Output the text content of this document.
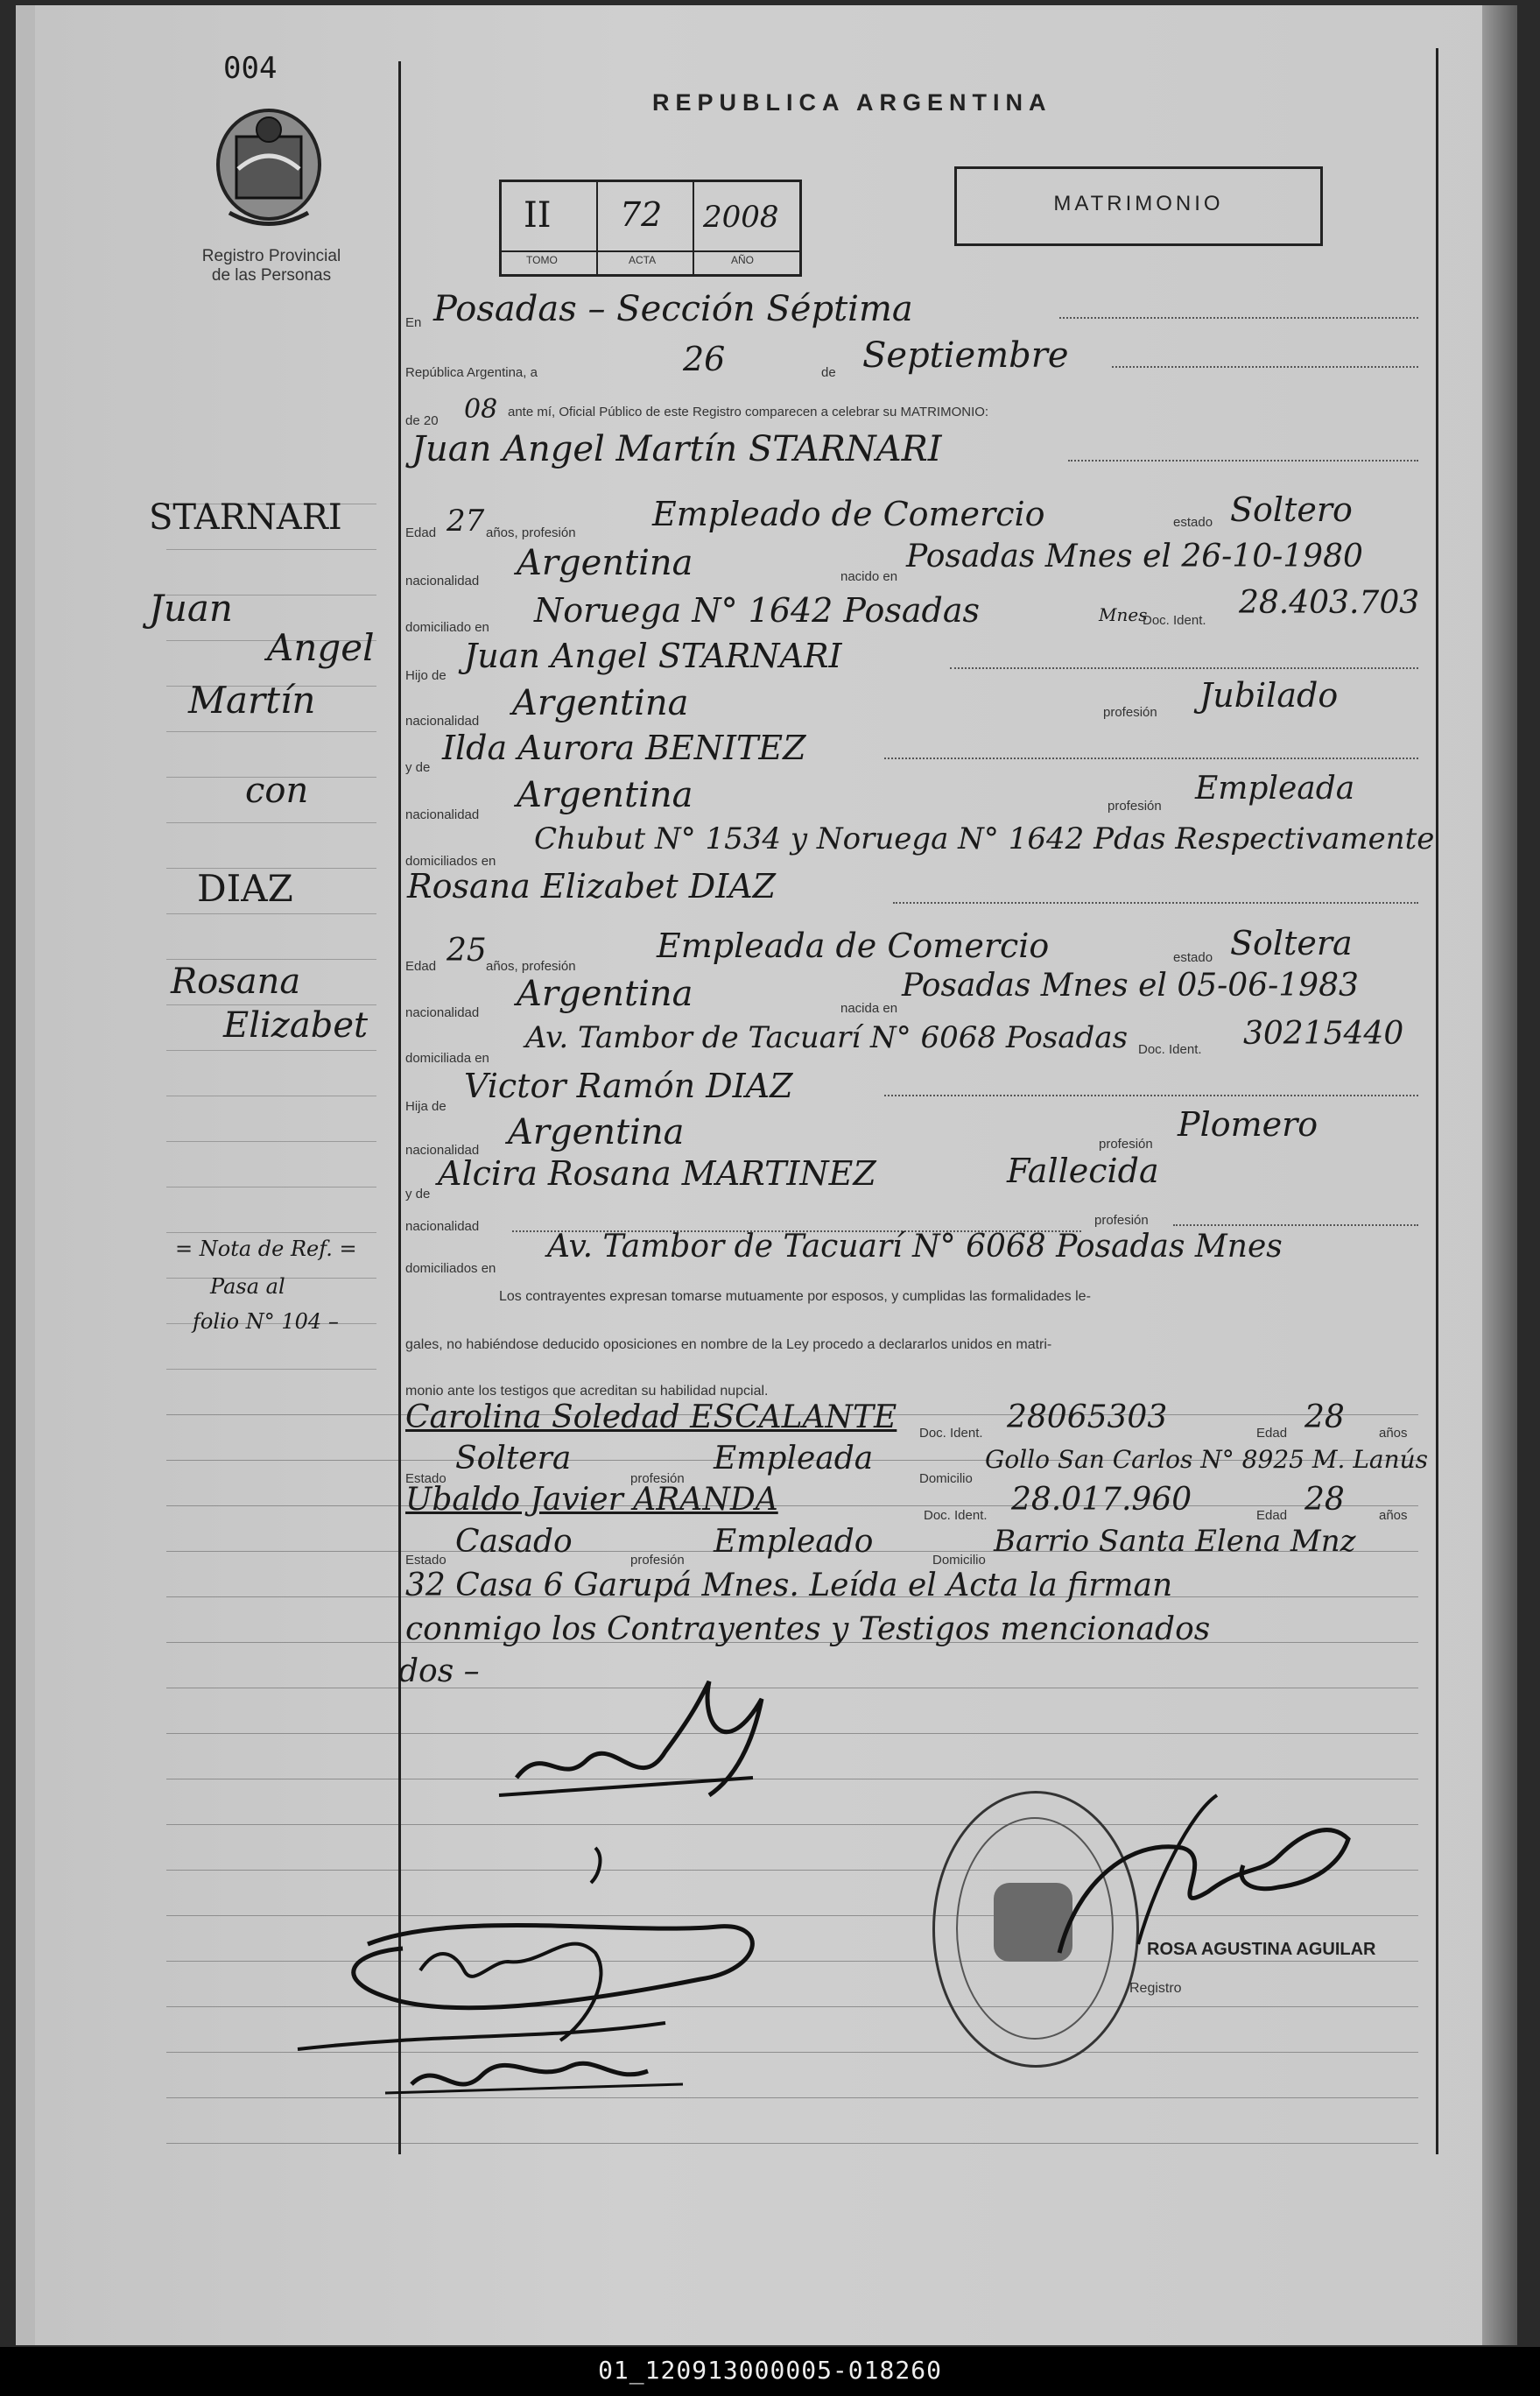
004
Registro Provincial
de las Personas
REPUBLICA ARGENTINA
II 72 2008
TOMO	ACTA	AÑO
MATRIMONIO
En Posadas – Sección Séptima
República Argentina, a	26	de Septiembre
de 20 08 ante mí, Oficial Público de este Registro comparecen a celebrar su MATRIMONIO:
Juan Angel Martín STARNARI
Edad 27 años, profesión Empleado de Comercio	estado Soltero
nacionalidad Argentina	nacido en
Posadas Mnes el 26-10-1980
domiciliado en Noruega N° 1642 Posadas	Mnes
Doc. Ident. 28.403.703
Hijo de
Juan Angel STARNARI
nacionalidad Argentina	profesión Jubilado
y de
Ilda Aurora BENITEZ
nacionalidad Argentina	profesión Empleada
domiciliados en
Chubut N° 1534 y Noruega N° 1642 Pdas Respectivamente
Rosana Elizabet DIAZ
Edad 25 años, profesión
Empleada de Comercio	estado Soltera
nacionalidad Argentina	nacida en
Posadas Mnes el 05-06-1983
domiciliada en
Av. Tambor de Tacuarí N° 6068 Posadas Doc. Ident. 30215440
Hija de
Victor Ramón DIAZ
nacionalidad Argentina	profesión
Plomero
y de
Alcira Rosana MARTINEZ	Fallecida
nacionalidad	profesión
domiciliados en
Av. Tambor de Tacuarí N° 6068 Posadas Mnes
Los contrayentes expresan tomarse mutuamente por esposos, y cumplidas las formalidades le-
gales, no habiéndose deducido oposiciones en nombre de la Ley procedo a declararlos unidos en matri-
monio ante los testigos que acreditan su habilidad nupcial.
Carolina Soledad ESCALANTE Doc. Ident. 28065303	Edad 28	años
Estado
Soltera
profesión
Empleada
Domicilio
Gollo San Carlos N° 8925 M. Lanús
Ubaldo Javier ARANDA	Doc. Ident. 28.017.960	Edad 28	años
Estado
Casado
profesión
Empleado
Domicilio
Barrio Santa Elena Mnz
32 Casa 6 Garupá Mnes. Leída el Acta la firman
conmigo los Contrayentes y Testigos mencionados
dos –
STARNARI
Juan
Angel
Martín
con
DIAZ
Rosana
Elizabet
= Nota de Ref. =
Pasa al
folio N° 104 –
ROSA AGUSTINA AGUILAR
Registro
01_120913000005-018260
